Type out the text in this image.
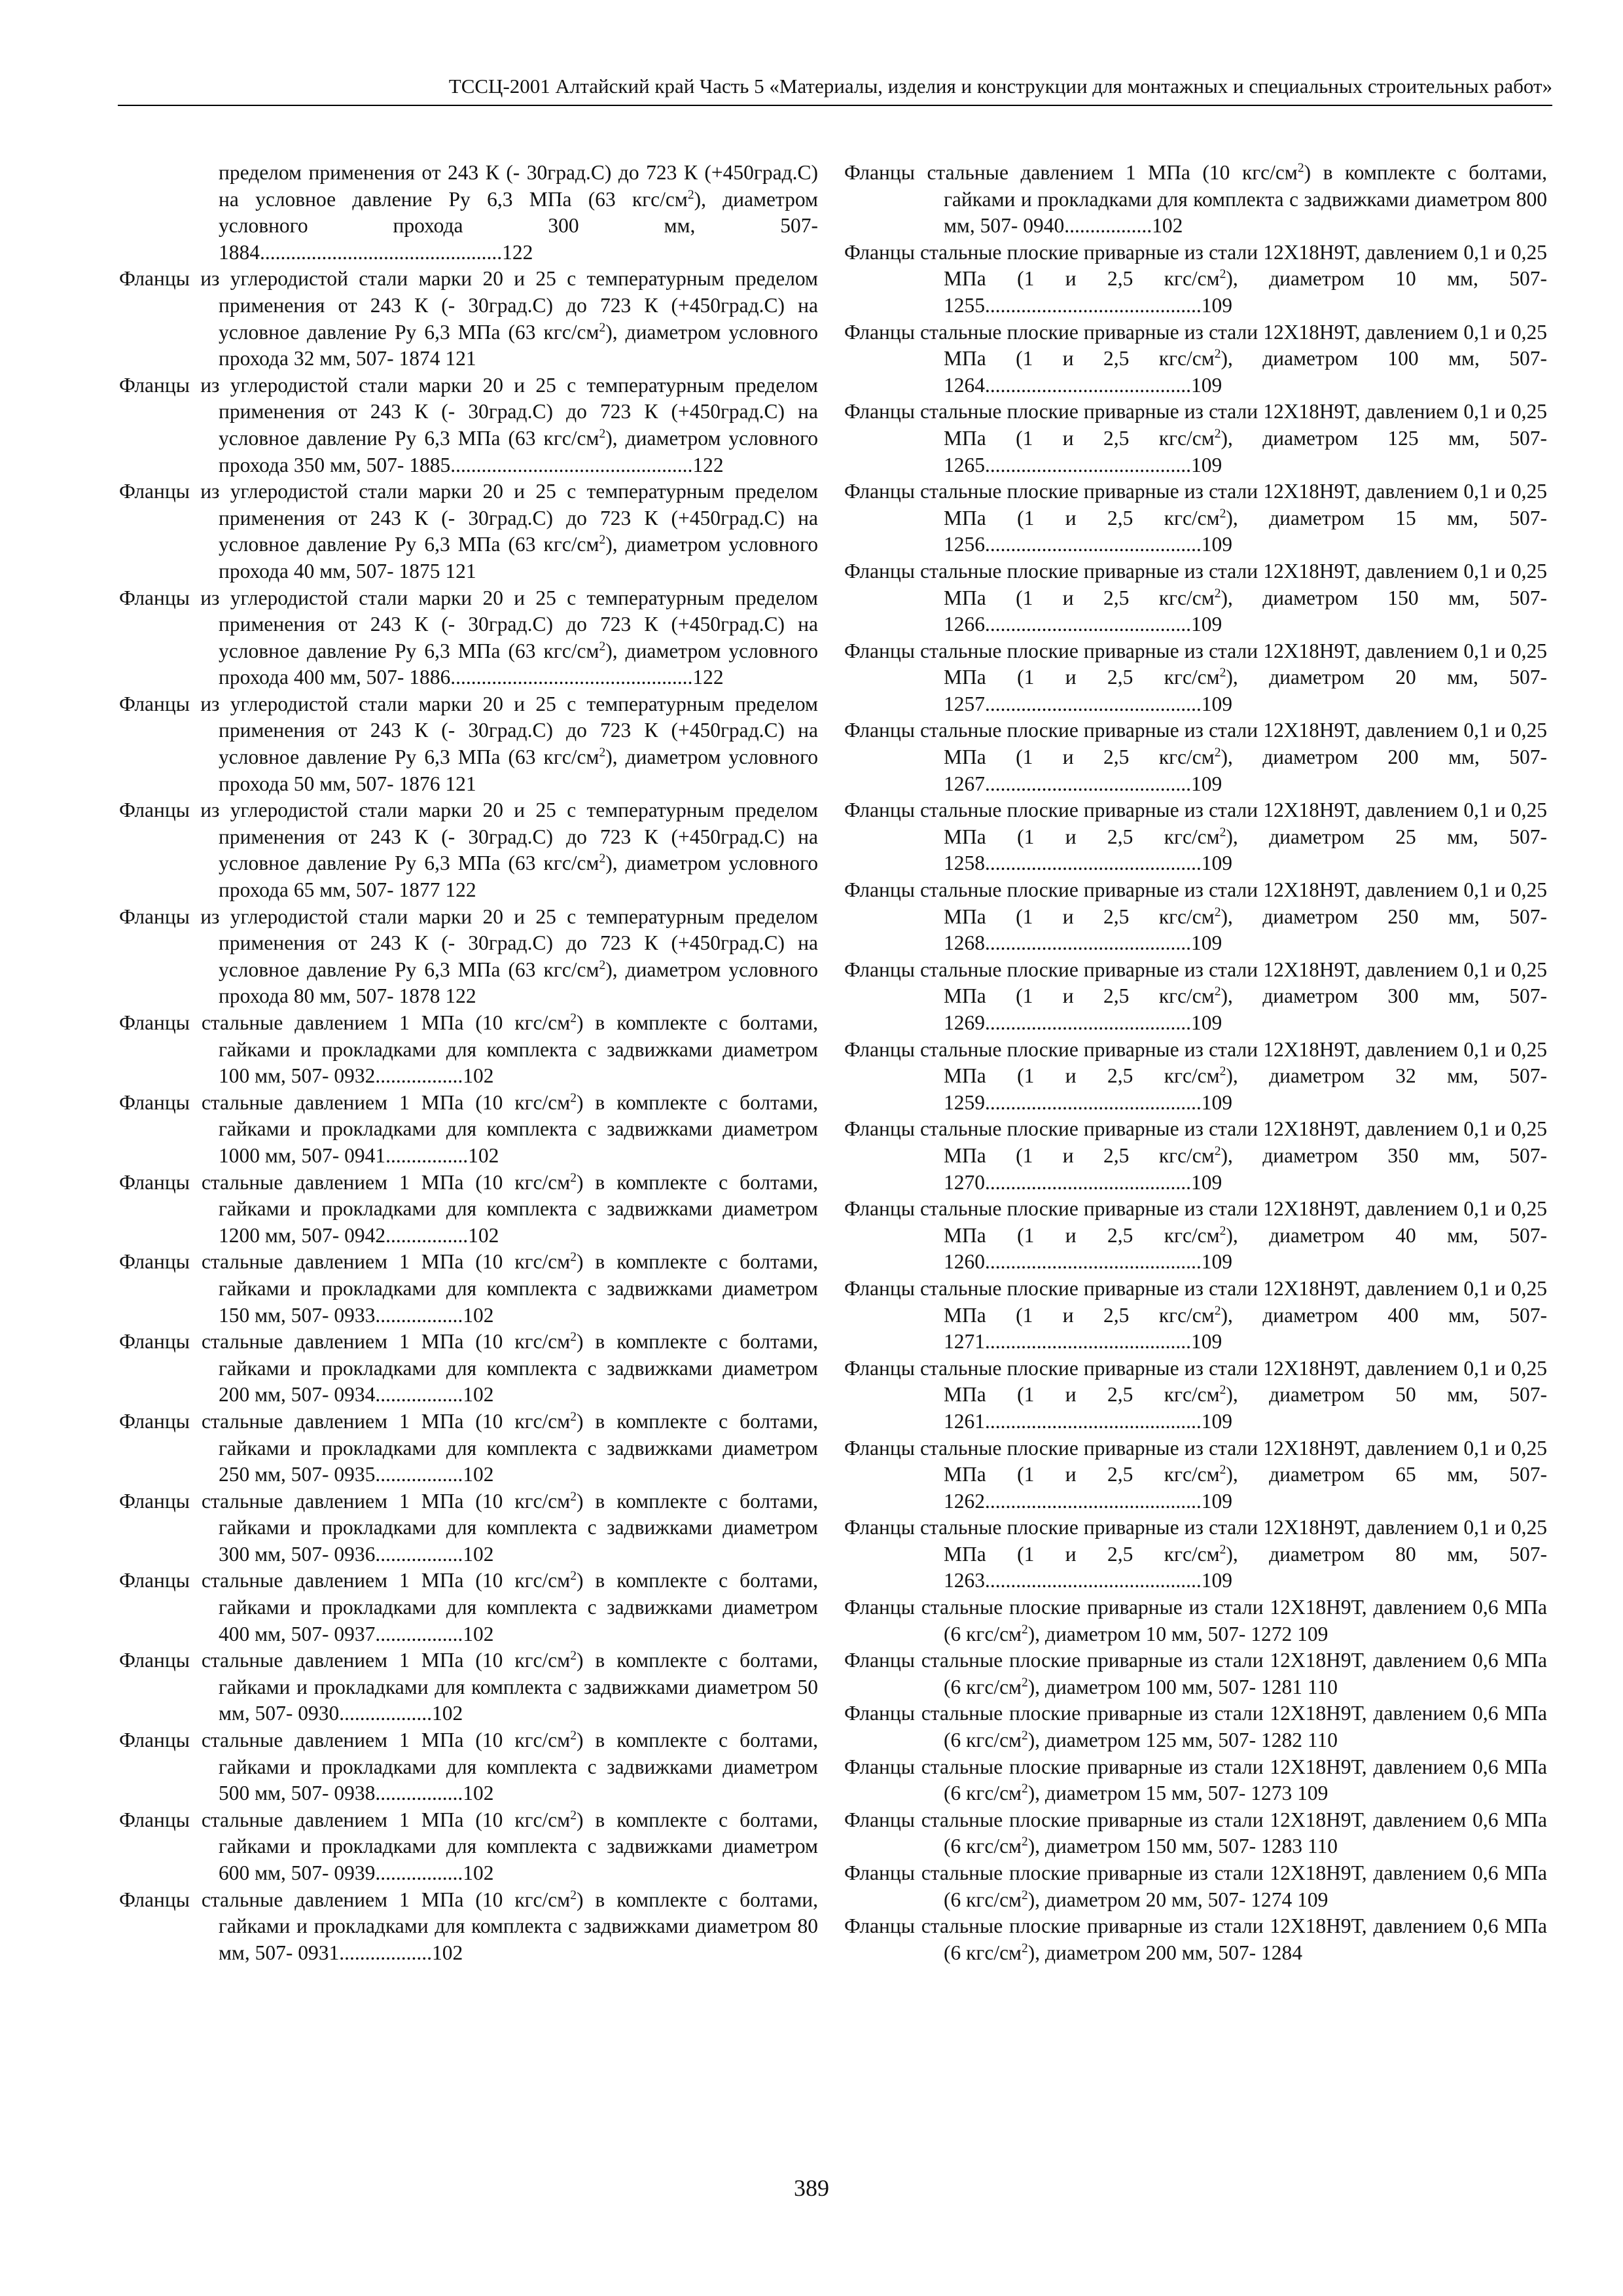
ТССЦ-2001 Алтайский край Часть 5 «Материалы, изделия и конструкции для монтажных и специальных строительных работ»
пределом применения от 243 К (- 30град.С) до 723 К (+450град.С) на условное давление Ру 6,3 МПа (63 кгс/$см^2$), диаметром условного прохода 300 мм, 507- 1884...............................................122
Фланцы из углеродистой стали марки 20 и 25 с температурным пределом применения от 243 К (- 30град.С) до 723 К (+450град.С) на условное давление Ру 6,3 МПа (63 кгс/$см^2$), диаметром условного прохода 32 мм, 507- 1874 121
Фланцы из углеродистой стали марки 20 и 25 с температурным пределом применения от 243 К (- 30град.С) до 723 К (+450град.С) на условное давление Ру 6,3 МПа (63 кгс/$см^2$), диаметром условного прохода 350 мм, 507- 1885...............................................122
Фланцы из углеродистой стали марки 20 и 25 с температурным пределом применения от 243 К (- 30град.С) до 723 К (+450град.С) на условное давление Ру 6,3 МПа (63 кгс/$см^2$), диаметром условного прохода 40 мм, 507- 1875 121
Фланцы из углеродистой стали марки 20 и 25 с температурным пределом применения от 243 К (- 30град.С) до 723 К (+450град.С) на условное давление Ру 6,3 МПа (63 кгс/$см^2$), диаметром условного прохода 400 мм, 507- 1886...............................................122
Фланцы из углеродистой стали марки 20 и 25 с температурным пределом применения от 243 К (- 30град.С) до 723 К (+450град.С) на условное давление Ру 6,3 МПа (63 кгс/$см^2$), диаметром условного прохода 50 мм, 507- 1876 121
Фланцы из углеродистой стали марки 20 и 25 с температурным пределом применения от 243 К (- 30град.С) до 723 К (+450град.С) на условное давление Ру 6,3 МПа (63 кгс/$см^2$), диаметром условного прохода 65 мм, 507- 1877 122
Фланцы из углеродистой стали марки 20 и 25 с температурным пределом применения от 243 К (- 30град.С) до 723 К (+450град.С) на условное давление Ру 6,3 МПа (63 кгс/$см^2$), диаметром условного прохода 80 мм, 507- 1878 122
Фланцы стальные давлением 1 МПа (10 кгс/$см^2$) в комплекте с болтами, гайками и прокладками для комплекта с задвижками диаметром 100 мм, 507- 0932.................102
Фланцы стальные давлением 1 МПа (10 кгс/$см^2$) в комплекте с болтами, гайками и прокладками для комплекта с задвижками диаметром 1000 мм, 507- 0941................102
Фланцы стальные давлением 1 МПа (10 кгс/$см^2$) в комплекте с болтами, гайками и прокладками для комплекта с задвижками диаметром 1200 мм, 507- 0942................102
Фланцы стальные давлением 1 МПа (10 кгс/$см^2$) в комплекте с болтами, гайками и прокладками для комплекта с задвижками диаметром 150 мм, 507- 0933.................102
Фланцы стальные давлением 1 МПа (10 кгс/$см^2$) в комплекте с болтами, гайками и прокладками для комплекта с задвижками диаметром 200 мм, 507- 0934.................102
Фланцы стальные давлением 1 МПа (10 кгс/$см^2$) в комплекте с болтами, гайками и прокладками для комплекта с задвижками диаметром 250 мм, 507- 0935.................102
Фланцы стальные давлением 1 МПа (10 кгс/$см^2$) в комплекте с болтами, гайками и прокладками для комплекта с задвижками диаметром 300 мм, 507- 0936.................102
Фланцы стальные давлением 1 МПа (10 кгс/$см^2$) в комплекте с болтами, гайками и прокладками для комплекта с задвижками диаметром 400 мм, 507- 0937.................102
Фланцы стальные давлением 1 МПа (10 кгс/$см^2$) в комплекте с болтами, гайками и прокладками для комплекта с задвижками диаметром 50 мм, 507- 0930..................102
Фланцы стальные давлением 1 МПа (10 кгс/$см^2$) в комплекте с болтами, гайками и прокладками для комплекта с задвижками диаметром 500 мм, 507- 0938.................102
Фланцы стальные давлением 1 МПа (10 кгс/$см^2$) в комплекте с болтами, гайками и прокладками для комплекта с задвижками диаметром 600 мм, 507- 0939.................102
Фланцы стальные давлением 1 МПа (10 кгс/$см^2$) в комплекте с болтами, гайками и прокладками для комплекта с задвижками диаметром 80 мм, 507- 0931..................102
Фланцы стальные давлением 1 МПа (10 кгс/$см^2$) в комплекте с болтами, гайками и прокладками для комплекта с задвижками диаметром 800 мм, 507- 0940.................102
Фланцы стальные плоские приварные из стали 12Х18Н9Т, давлением 0,1 и 0,25 МПа (1 и 2,5 кгс/$см^2$), диаметром 10 мм, 507- 1255..........................................109
Фланцы стальные плоские приварные из стали 12Х18Н9Т, давлением 0,1 и 0,25 МПа (1 и 2,5 кгс/$см^2$), диаметром 100 мм, 507- 1264........................................109
Фланцы стальные плоские приварные из стали 12Х18Н9Т, давлением 0,1 и 0,25 МПа (1 и 2,5 кгс/$см^2$), диаметром 125 мм, 507- 1265........................................109
Фланцы стальные плоские приварные из стали 12Х18Н9Т, давлением 0,1 и 0,25 МПа (1 и 2,5 кгс/$см^2$), диаметром 15 мм, 507- 1256..........................................109
Фланцы стальные плоские приварные из стали 12Х18Н9Т, давлением 0,1 и 0,25 МПа (1 и 2,5 кгс/$см^2$), диаметром 150 мм, 507- 1266........................................109
Фланцы стальные плоские приварные из стали 12Х18Н9Т, давлением 0,1 и 0,25 МПа (1 и 2,5 кгс/$см^2$), диаметром 20 мм, 507- 1257..........................................109
Фланцы стальные плоские приварные из стали 12Х18Н9Т, давлением 0,1 и 0,25 МПа (1 и 2,5 кгс/$см^2$), диаметром 200 мм, 507- 1267........................................109
Фланцы стальные плоские приварные из стали 12Х18Н9Т, давлением 0,1 и 0,25 МПа (1 и 2,5 кгс/$см^2$), диаметром 25 мм, 507- 1258..........................................109
Фланцы стальные плоские приварные из стали 12Х18Н9Т, давлением 0,1 и 0,25 МПа (1 и 2,5 кгс/$см^2$), диаметром 250 мм, 507- 1268........................................109
Фланцы стальные плоские приварные из стали 12Х18Н9Т, давлением 0,1 и 0,25 МПа (1 и 2,5 кгс/$см^2$), диаметром 300 мм, 507- 1269........................................109
Фланцы стальные плоские приварные из стали 12Х18Н9Т, давлением 0,1 и 0,25 МПа (1 и 2,5 кгс/$см^2$), диаметром 32 мм, 507- 1259..........................................109
Фланцы стальные плоские приварные из стали 12Х18Н9Т, давлением 0,1 и 0,25 МПа (1 и 2,5 кгс/$см^2$), диаметром 350 мм, 507- 1270........................................109
Фланцы стальные плоские приварные из стали 12Х18Н9Т, давлением 0,1 и 0,25 МПа (1 и 2,5 кгс/$см^2$), диаметром 40 мм, 507- 1260..........................................109
Фланцы стальные плоские приварные из стали 12Х18Н9Т, давлением 0,1 и 0,25 МПа (1 и 2,5 кгс/$см^2$), диаметром 400 мм, 507- 1271........................................109
Фланцы стальные плоские приварные из стали 12Х18Н9Т, давлением 0,1 и 0,25 МПа (1 и 2,5 кгс/$см^2$), диаметром 50 мм, 507- 1261..........................................109
Фланцы стальные плоские приварные из стали 12Х18Н9Т, давлением 0,1 и 0,25 МПа (1 и 2,5 кгс/$см^2$), диаметром 65 мм, 507- 1262..........................................109
Фланцы стальные плоские приварные из стали 12Х18Н9Т, давлением 0,1 и 0,25 МПа (1 и 2,5 кгс/$см^2$), диаметром 80 мм, 507- 1263..........................................109
Фланцы стальные плоские приварные из стали 12Х18Н9Т, давлением 0,6 МПа (6 кгс/$см^2$), диаметром 10 мм, 507- 1272 109
Фланцы стальные плоские приварные из стали 12Х18Н9Т, давлением 0,6 МПа (6 кгс/$см^2$), диаметром 100 мм, 507- 1281 110
Фланцы стальные плоские приварные из стали 12Х18Н9Т, давлением 0,6 МПа (6 кгс/$см^2$), диаметром 125 мм, 507- 1282 110
Фланцы стальные плоские приварные из стали 12Х18Н9Т, давлением 0,6 МПа (6 кгс/$см^2$), диаметром 15 мм, 507- 1273 109
Фланцы стальные плоские приварные из стали 12Х18Н9Т, давлением 0,6 МПа (6 кгс/$см^2$), диаметром 150 мм, 507- 1283 110
Фланцы стальные плоские приварные из стали 12Х18Н9Т, давлением 0,6 МПа (6 кгс/$см^2$), диаметром 20 мм, 507- 1274 109
Фланцы стальные плоские приварные из стали 12Х18Н9Т, давлением 0,6 МПа (6 кгс/$см^2$), диаметром 200 мм, 507- 1284
389
